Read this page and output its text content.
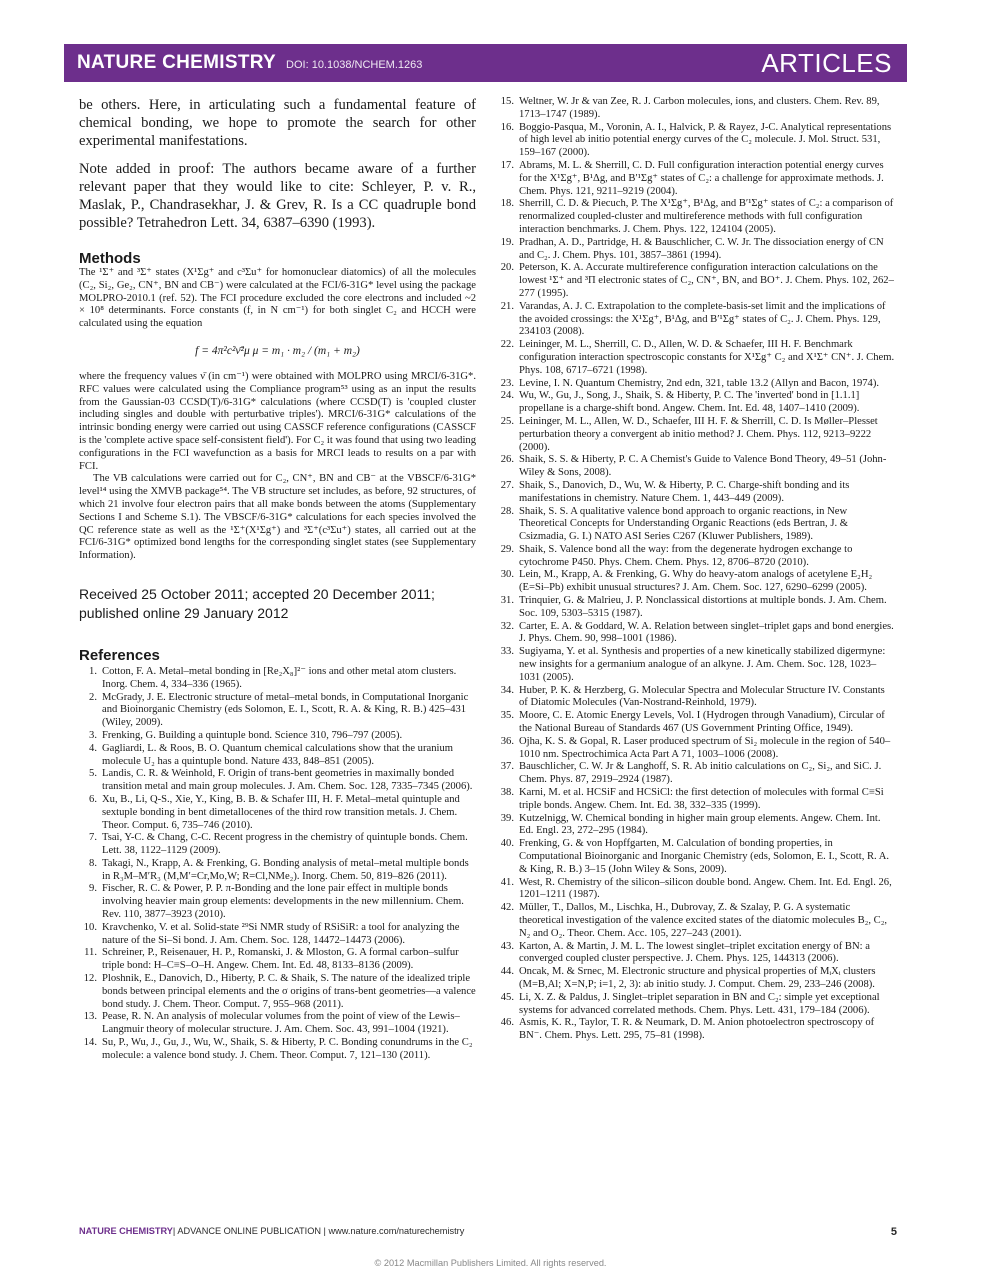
NATURE CHEMISTRY DOI: 10.1038/NCHEM.1263	ARTICLES

be others. Here, in articulating such a fundamental feature of chemical bonding, we hope to promote the search for other experimental manifestations.

Note added in proof: The authors became aware of a further relevant paper that they would like to cite: Schleyer, P. v. R., Maslak, P., Chandrasekhar, J. & Grev, R. Is a CC quadruple bond possible? Tetrahedron Lett. 34, 6387–6390 (1993).

Methods

The ¹Σ⁺ and ³Σ⁺ states (X¹Σg⁺ and c³Σu⁺ for homonuclear diatomics) of all the molecules (C₂, Si₂, Ge₂, CN⁺, BN and CB⁻) were calculated at the FCI/6-31G* level using the package MOLPRO-2010.1 (ref. 52). The FCI procedure excluded the core electrons and included ~2 × 10⁸ determinants. Force constants (f, in N cm⁻¹) for both singlet C₂ and HCCH were calculated using the equation

f = 4π²c²ν̄²μ μ = m₁ · m₂ / (m₁ + m₂)

where the frequency values ν̄ (in cm⁻¹) were obtained with MOLPRO using MRCI/6-31G*. RFC values were calculated using the Compliance program⁵³ using as an input the results from the Gaussian-03 CCSD(T)/6-31G* calculations (where CCSD(T) is 'coupled cluster including singles and double with perturbative triples'). MRCI/6-31G* calculations of the intrinsic bonding energy were carried out using CASSCF reference configurations (CASSCF is the 'complete active space self-consistent field'). For C₂ it was found that using two leading configurations in the FCI wavefunction as a basis for MRCI leads to results on a par with FCI.

The VB calculations were carried out for C₂, CN⁺, BN and CB⁻ at the VBSCF/6-31G* level¹⁴ using the XMVB package⁵⁴. The VB structure set includes, as before, 92 structures, of which 21 involve four electron pairs that all make bonds between the atoms (Supplementary Sections I and Scheme S.1). The VBSCF/6-31G* calculations for each species involved the QC reference state as well as the ¹Σ⁺(X¹Σg⁺) and ³Σ⁺(c³Σu⁺) states, all carried out at the FCI/6-31G* optimized bond lengths for the corresponding singlet states (see Supplementary Information).

Received 25 October 2011; accepted 20 December 2011;
published online 29 January 2012
References
1. Cotton, F. A. Metal–metal bonding in [Re₂X₈]²⁻ ions and other metal atom clusters. Inorg. Chem. 4, 334–336 (1965).
2. McGrady, J. E. Electronic structure of metal–metal bonds, in Computational Inorganic and Bioinorganic Chemistry (eds Solomon, E. I., Scott, R. A. & King, R. B.) 425–431 (Wiley, 2009).
3. Frenking, G. Building a quintuple bond. Science 310, 796–797 (2005).
4. Gagliardi, L. & Roos, B. O. Quantum chemical calculations show that the uranium molecule U₂ has a quintuple bond. Nature 433, 848–851 (2005).
5. Landis, C. R. & Weinhold, F. Origin of trans-bent geometries in maximally bonded transition metal and main group molecules. J. Am. Chem. Soc. 128, 7335–7345 (2006).
6. Xu, B., Li, Q-S., Xie, Y., King, B. B. & Schafer III, H. F. Metal–metal quintuple and sextuple bonding in bent dimetallocenes of the third row transition metals. J. Chem. Theor. Comput. 6, 735–746 (2010).
7. Tsai, Y-C. & Chang, C-C. Recent progress in the chemistry of quintuple bonds. Chem. Lett. 38, 1122–1129 (2009).
8. Takagi, N., Krapp, A. & Frenking, G. Bonding analysis of metal–metal multiple bonds in R₃M–M′R₃ (M,M′=Cr,Mo,W; R=Cl,NMe₂). Inorg. Chem. 50, 819–826 (2011).
9. Fischer, R. C. & Power, P. P. π-Bonding and the lone pair effect in multiple bonds involving heavier main group elements: developments in the new millennium. Chem. Rev. 110, 3877–3923 (2010).
10. Kravchenko, V. et al. Solid-state ²⁹Si NMR study of RSiSiR: a tool for analyzing the nature of the Si–Si bond. J. Am. Chem. Soc. 128, 14472–14473 (2006).
11. Schreiner, P., Reisenauer, H. P., Romanski, J. & Mloston, G. A formal carbon–sulfur triple bond: H–C≡S–O–H. Angew. Chem. Int. Ed. 48, 8133–8136 (2009).
12. Ploshnik, E., Danovich, D., Hiberty, P. C. & Shaik, S. The nature of the idealized triple bonds between principal elements and the σ origins of trans-bent geometries—a valence bond study. J. Chem. Theor. Comput. 7, 955–968 (2011).
13. Pease, R. N. An analysis of molecular volumes from the point of view of the Lewis–Langmuir theory of molecular structure. J. Am. Chem. Soc. 43, 991–1004 (1921).
14. Su, P., Wu, J., Gu, J., Wu, W., Shaik, S. & Hiberty, P. C. Bonding conundrums in the C₂ molecule: a valence bond study. J. Chem. Theor. Comput. 7, 121–130 (2011).
15. Weltner, W. Jr & van Zee, R. J. Carbon molecules, ions, and clusters. Chem. Rev. 89, 1713–1747 (1989).
16. Boggio-Pasqua, M., Voronin, A. I., Halvick, P. & Rayez, J-C. Analytical representations of high level ab initio potential energy curves of the C₂ molecule. J. Mol. Struct. 531, 159–167 (2000).
17. Abrams, M. L. & Sherrill, C. D. Full configuration interaction potential energy curves for the X¹Σg⁺, B¹Δg, and B′¹Σg⁺ states of C₂: a challenge for approximate methods. J. Chem. Phys. 121, 9211–9219 (2004).
18. Sherrill, C. D. & Piecuch, P. The X¹Σg⁺, B¹Δg, and B′¹Σg⁺ states of C₂: a comparison of renormalized coupled-cluster and multireference methods with full configuration interaction benchmarks. J. Chem. Phys. 122, 124104 (2005).
19. Pradhan, A. D., Partridge, H. & Bauschlicher, C. W. Jr. The dissociation energy of CN and C₂. J. Chem. Phys. 101, 3857–3861 (1994).
20. Peterson, K. A. Accurate multireference configuration interaction calculations on the lowest ¹Σ⁺ and ³Π electronic states of C₂, CN⁺, BN, and BO⁺. J. Chem. Phys. 102, 262–277 (1995).
21. Varandas, A. J. C. Extrapolation to the complete-basis-set limit and the implications of the avoided crossings: the X¹Σg⁺, B¹Δg, and B′¹Σg⁺ states of C₂. J. Chem. Phys. 129, 234103 (2008).
22. Leininger, M. L., Sherrill, C. D., Allen, W. D. & Schaefer, III H. F. Benchmark configuration interaction spectroscopic constants for X¹Σg⁺ C₂ and X¹Σ⁺ CN⁺. J. Chem. Phys. 108, 6717–6721 (1998).
23. Levine, I. N. Quantum Chemistry, 2nd edn, 321, table 13.2 (Allyn and Bacon, 1974).
24. Wu, W., Gu, J., Song, J., Shaik, S. & Hiberty, P. C. The 'inverted' bond in [1.1.1] propellane is a charge-shift bond. Angew. Chem. Int. Ed. 48, 1407–1410 (2009).
25. Leininger, M. L., Allen, W. D., Schaefer, III H. F. & Sherrill, C. D. Is Møller–Plesset perturbation theory a convergent ab initio method? J. Chem. Phys. 112, 9213–9222 (2000).
26. Shaik, S. S. & Hiberty, P. C. A Chemist's Guide to Valence Bond Theory, 49–51 (John-Wiley & Sons, 2008).
27. Shaik, S., Danovich, D., Wu, W. & Hiberty, P. C. Charge-shift bonding and its manifestations in chemistry. Nature Chem. 1, 443–449 (2009).
28. Shaik, S. S. A qualitative valence bond approach to organic reactions, in New Theoretical Concepts for Understanding Organic Reactions (eds Bertran, J. & Csizmadia, G. I.) NATO ASI Series C267 (Kluwer Publishers, 1989).
29. Shaik, S. Valence bond all the way: from the degenerate hydrogen exchange to cytochrome P450. Phys. Chem. Chem. Phys. 12, 8706–8720 (2010).
30. Lein, M., Krapp, A. & Frenking, G. Why do heavy-atom analogs of acetylene E₂H₂ (E=Si–Pb) exhibit unusual structures? J. Am. Chem. Soc. 127, 6290–6299 (2005).
31. Trinquier, G. & Malrieu, J. P. Nonclassical distortions at multiple bonds. J. Am. Chem. Soc. 109, 5303–5315 (1987).
32. Carter, E. A. & Goddard, W. A. Relation between singlet–triplet gaps and bond energies. J. Phys. Chem. 90, 998–1001 (1986).
33. Sugiyama, Y. et al. Synthesis and properties of a new kinetically stabilized digermyne: new insights for a germanium analogue of an alkyne. J. Am. Chem. Soc. 128, 1023–1031 (2005).
34. Huber, P. K. & Herzberg, G. Molecular Spectra and Molecular Structure IV. Constants of Diatomic Molecules (Van-Nostrand-Reinhold, 1979).
35. Moore, C. E. Atomic Energy Levels, Vol. I (Hydrogen through Vanadium), Circular of the National Bureau of Standards 467 (US Government Printing Office, 1949).
36. Ojha, K. S. & Gopal, R. Laser produced spectrum of Si₂ molecule in the region of 540–1010 nm. Spectrochimica Acta Part A 71, 1003–1006 (2008).
37. Bauschlicher, C. W. Jr & Langhoff, S. R. Ab initio calculations on C₂, Si₂, and SiC. J. Chem. Phys. 87, 2919–2924 (1987).
38. Karni, M. et al. HCSiF and HCSiCl: the first detection of molecules with formal C≡Si triple bonds. Angew. Chem. Int. Ed. 38, 332–335 (1999).
39. Kutzelnigg, W. Chemical bonding in higher main group elements. Angew. Chem. Int. Ed. Engl. 23, 272–295 (1984).
40. Frenking, G. & von Hopffgarten, M. Calculation of bonding properties, in Computational Bioinorganic and Inorganic Chemistry (eds, Solomon, E. I., Scott, R. A. & King, R. B.) 3–15 (John Wiley & Sons, 2009).
41. West, R. Chemistry of the silicon–silicon double bond. Angew. Chem. Int. Ed. Engl. 26, 1201–1211 (1987).
42. Müller, T., Dallos, M., Lischka, H., Dubrovay, Z. & Szalay, P. G. A systematic theoretical investigation of the valence excited states of the diatomic molecules B₂, C₂, N₂ and O₂. Theor. Chem. Acc. 105, 227–243 (2001).
43. Karton, A. & Martin, J. M. L. The lowest singlet–triplet excitation energy of BN: a converged coupled cluster perspective. J. Chem. Phys. 125, 144313 (2006).
44. Oncak, M. & Srnec, M. Electronic structure and physical properties of MᵢXᵢ clusters (M=B,Al; X=N,P; i=1, 2, 3): ab initio study. J. Comput. Chem. 29, 233–246 (2008).
45. Li, X. Z. & Paldus, J. Singlet–triplet separation in BN and C₂: simple yet exceptional systems for advanced correlated methods. Chem. Phys. Lett. 431, 179–184 (2006).
46. Asmis, K. R., Taylor, T. R. & Neumark, D. M. Anion photoelectron spectroscopy of BN⁻. Chem. Phys. Lett. 295, 75–81 (1998).
NATURE CHEMISTRY | ADVANCE ONLINE PUBLICATION | www.nature.com/naturechemistry	5
© 2012 Macmillan Publishers Limited. All rights reserved.
